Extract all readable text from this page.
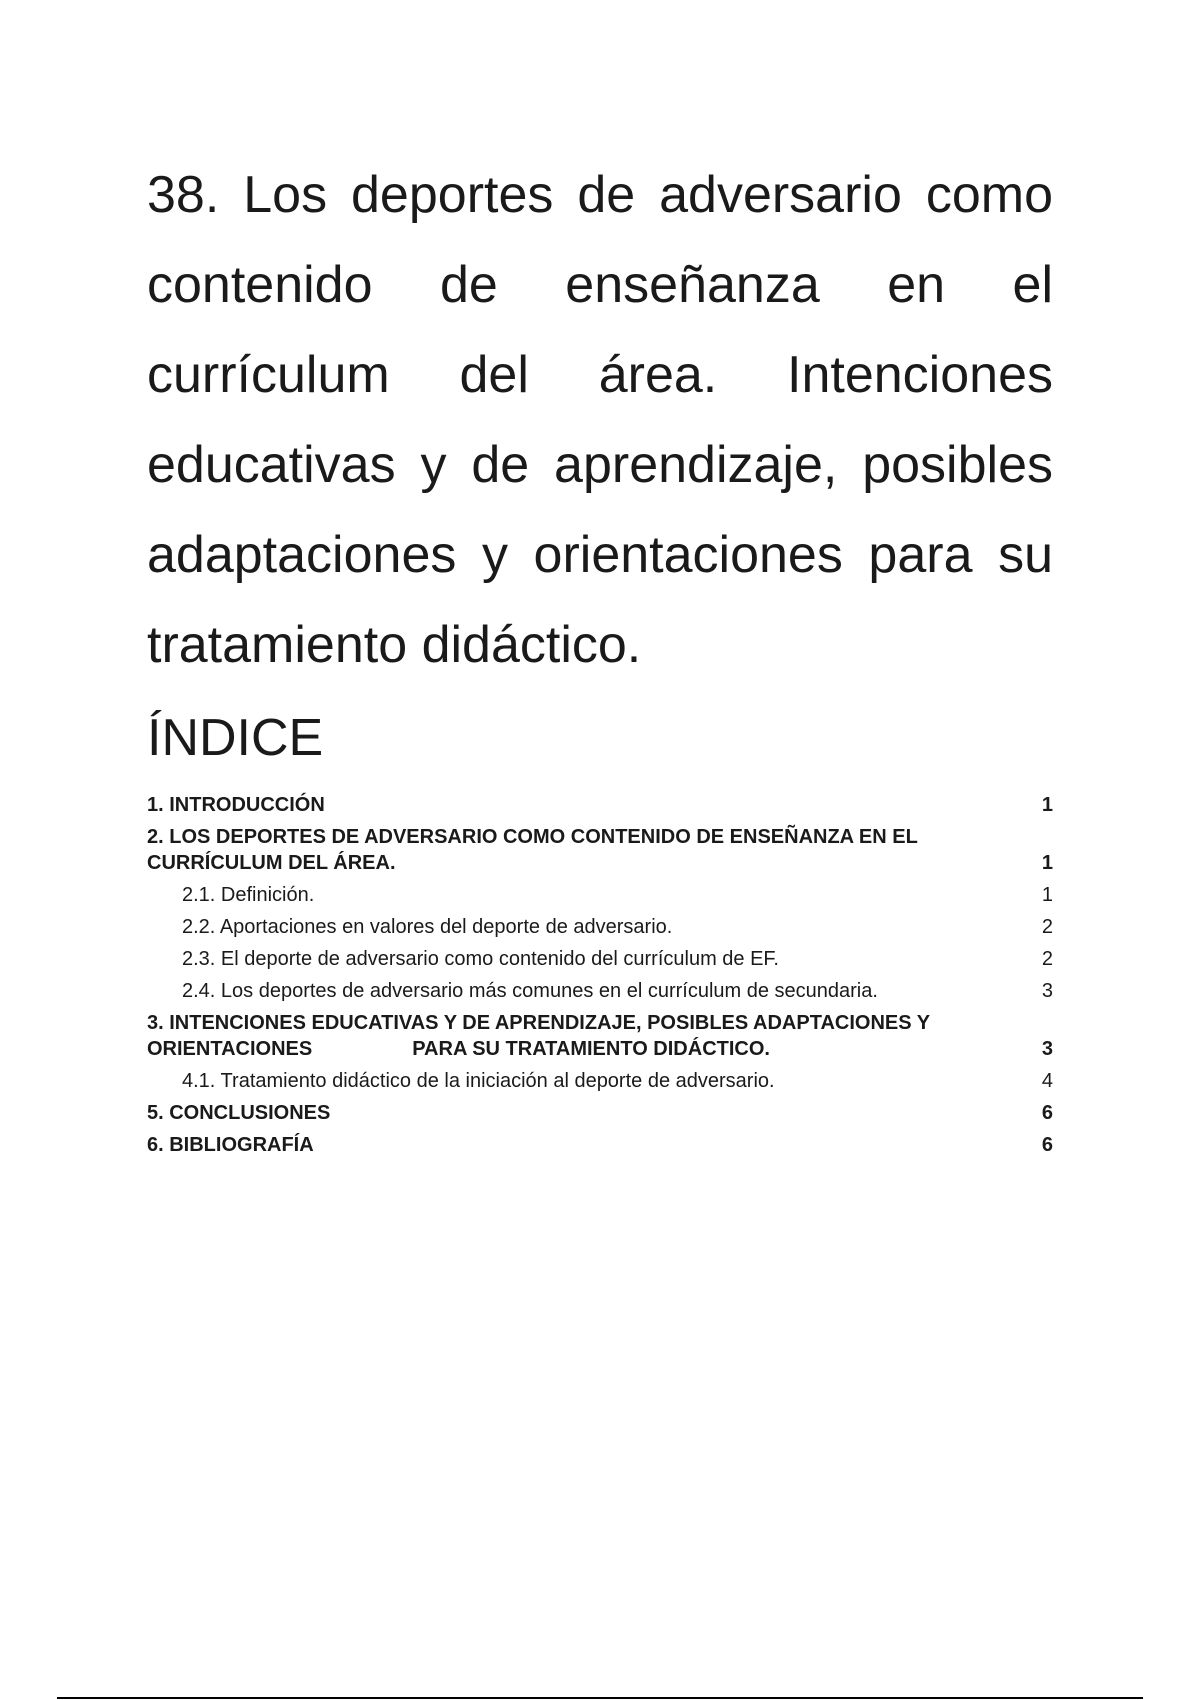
38. Los deportes de adversario como contenido de enseñanza en el currículum del área. Intenciones educativas y de aprendizaje, posibles adaptaciones y orientaciones para su tratamiento didáctico.
ÍNDICE
1. INTRODUCCIÓN	1
2. LOS DEPORTES DE ADVERSARIO COMO CONTENIDO DE ENSEÑANZA EN EL CURRÍCULUM DEL ÁREA.	1
2.1. Definición.	1
2.2. Aportaciones en valores del deporte de adversario.	2
2.3. El deporte de adversario como contenido del currículum de EF.	2
2.4. Los deportes de adversario más comunes en el currículum de secundaria.	3
3. INTENCIONES EDUCATIVAS Y DE APRENDIZAJE, POSIBLES ADAPTACIONES Y ORIENTACIONES	PARA SU TRATAMIENTO DIDÁCTICO.	3
4.1. Tratamiento didáctico de la iniciación al deporte de adversario.	4
5. CONCLUSIONES	6
6. BIBLIOGRAFÍA	6
